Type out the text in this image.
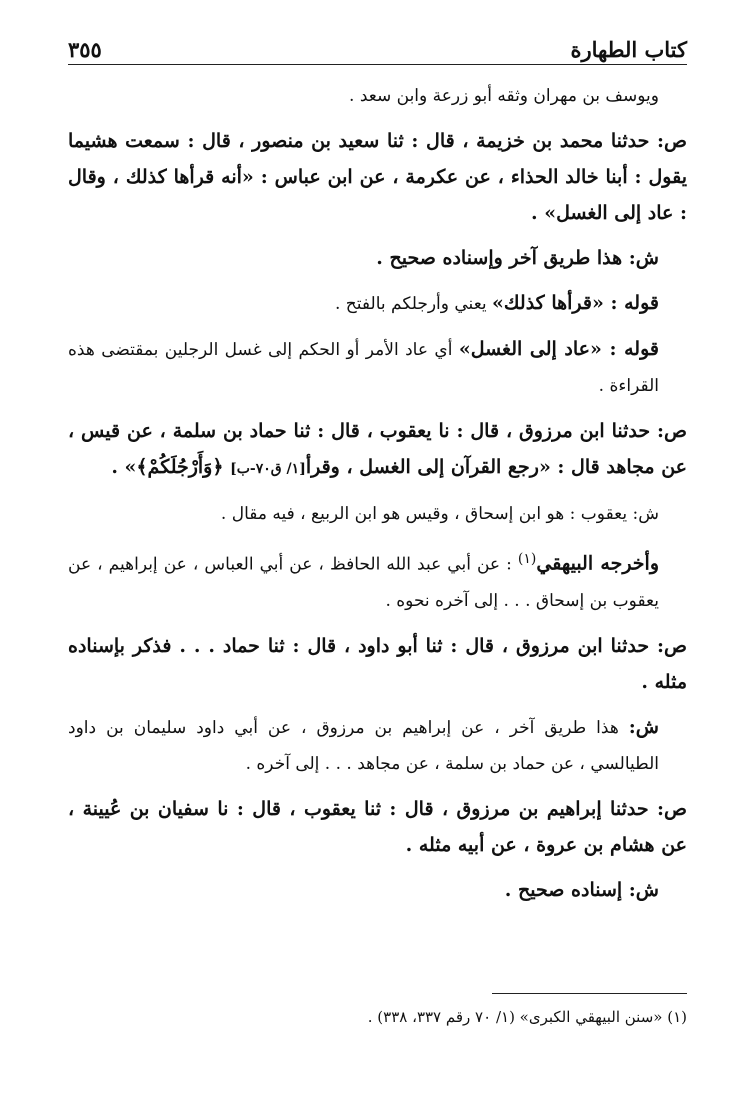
كتاب الطهارة
٣٥٥

ويوسف بن مهران وثقه أبو زرعة وابن سعد .

ص: حدثنا محمد بن خزيمة ، قال : ثنا سعيد بن منصور ، قال : سمعت هشيما يقول : أبنا خالد الحذاء ، عن عكرمة ، عن ابن عباس : «أنه قرأها كذلك ، وقال : عاد إلى الغسل» .

ش: هذا طريق آخر وإسناده صحيح .

قوله : «قرأها كذلك» يعني وأرجلكم بالفتح .

قوله : «عاد إلى الغسل» أي عاد الأمر أو الحكم إلى غسل الرجلين بمقتضى هذه القراءة .

ص: حدثنا ابن مرزوق ، قال : نا يعقوب ، قال : ثنا حماد بن سلمة ، عن قيس ، عن مجاهد قال : «رجع القرآن إلى الغسل ، وقرأ[١/ ق٧٠-ب] ﴿وَأَرْجُلَكُمْ﴾» .

ش: يعقوب : هو ابن إسحاق ، وقيس هو ابن الربيع ، فيه مقال .

وأخرجه البيهقي$^{(١)}$ : عن أبي عبد الله الحافظ ، عن أبي العباس ، عن إبراهيم ، عن يعقوب بن إسحاق . . . إلى آخره نحوه .

ص: حدثنا ابن مرزوق ، قال : ثنا أبو داود ، قال : ثنا حماد . . . فذكر بإسناده مثله .

ش: هذا طريق آخر ، عن إبراهيم بن مرزوق ، عن أبي داود سليمان بن داود الطيالسي ، عن حماد بن سلمة ، عن مجاهد . . . إلى آخره .

ص: حدثنا إبراهيم بن مرزوق ، قال : ثنا يعقوب ، قال : نا سفيان بن عُيينة ، عن هشام بن عروة ، عن أبيه مثله .

ش: إسناده صحيح .

(١) «سنن البيهقي الكبرى» (١/ ٧٠ رقم ٣٣٧، ٣٣٨) .
